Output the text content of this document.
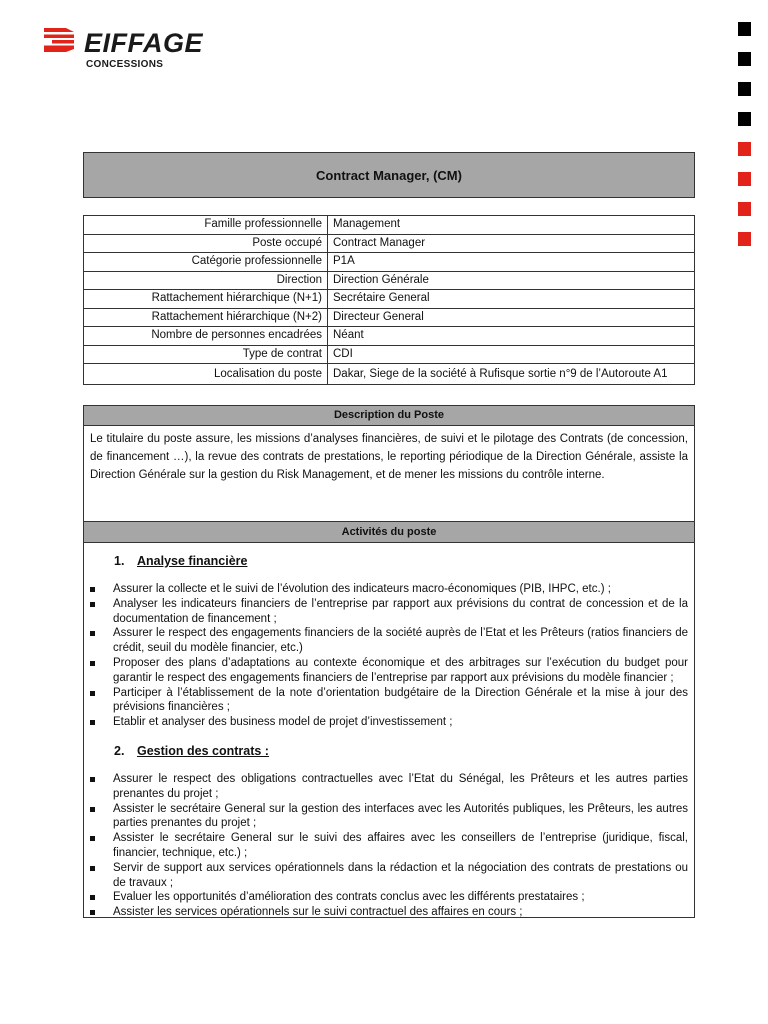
EIFFAGE
CONCESSIONS
Contract Manager, (CM)
Famille professionnelle	Management
Poste occupé	Contract Manager
Catégorie professionnelle	P1A
Direction	Direction Générale
Rattachement hiérarchique (N+1)	Secrétaire General
Rattachement hiérarchique (N+2)	Directeur General
Nombre de personnes encadrées	Néant
Type de contrat	CDI
Localisation du poste	Dakar, Siege de la société à Rufisque sortie n°9 de l’Autoroute A1
Description du Poste
Le titulaire du poste assure, les missions d’analyses financières, de suivi et le pilotage des Contrats (de concession, de financement …), la revue des contrats de prestations, le reporting périodique de la Direction Générale, assiste la Direction Générale sur la gestion du Risk Management, et de mener les missions du contrôle interne.
Activités du poste
1.	Analyse financière
Assurer la collecte et le suivi de l’évolution des indicateurs macro-économiques (PIB, IHPC, etc.) ;
Analyser les indicateurs financiers de l’entreprise par rapport aux prévisions du contrat de concession et de la documentation de financement ;
Assurer le respect des engagements financiers de la société auprès de l’Etat et les Prêteurs (ratios financiers de crédit, seuil du modèle financier, etc.)
Proposer des plans d’adaptations au contexte économique et des arbitrages sur l’exécution du budget pour garantir le respect des engagements financiers de l’entreprise par rapport aux prévisions du modèle financier ;
Participer à l’établissement de la note d’orientation budgétaire de la Direction Générale et la mise à jour des prévisions financières ;
Etablir et analyser des business model de projet d’investissement ;
2.	Gestion des contrats :
Assurer le respect des obligations contractuelles avec l’Etat du Sénégal, les Prêteurs et les autres parties prenantes du projet ;
Assister le secrétaire General sur la gestion des interfaces avec les Autorités publiques, les Prêteurs, les autres parties prenantes du projet ;
Assister le secrétaire General sur le suivi des affaires avec les conseillers de l’entreprise (juridique, fiscal, financier, technique, etc.) ;
Servir de support aux services opérationnels dans la rédaction et la négociation des contrats de prestations ou de travaux ;
Evaluer les opportunités d’amélioration des contrats conclus avec les différents prestataires ;
Assister les services opérationnels sur le suivi contractuel des affaires en cours ;
